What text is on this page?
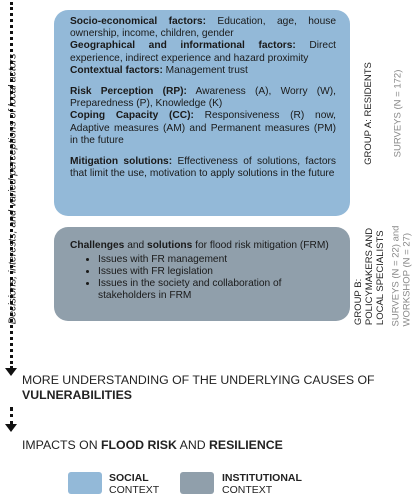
Decisions, interests, and varied perceptions of local actors

Socio-economical factors: Education, age, house ownership, income, children, gender

Geographical and informational factors: Direct experience, indirect experience and hazard proximity

Contextual factors: Management trust

Risk Perception (RP): Awareness (A), Worry (W), Preparedness (P), Knowledge (K)

Coping Capacity (CC): Responsiveness (R) now, Adaptive measures (AM) and Permanent measures (PM) in the future

Mitigation solutions: Effectiveness of solutions, factors that limit the use, motivation to apply solutions in the future

Challenges and solutions for flood risk mitigation (FRM)

• Issues with FR management
• Issues with FR legislation
• Issues in the society and collaboration of stakeholders in FRM
GROUP A: RESIDENTS SURVEYS (N = 172)
GROUP B: POLICYMAKERS AND LOCAL SPECIALISTS SURVEYS (N = 22) and WORKSHOP (N = 27)
MORE UNDERSTANDING OF THE UNDERLYING CAUSES OF
VULNERABILITIES
IMPACTS ON FLOOD RISK AND RESILIENCE
SOCIAL
CONTEXT
INSTITUTIONAL
CONTEXT
